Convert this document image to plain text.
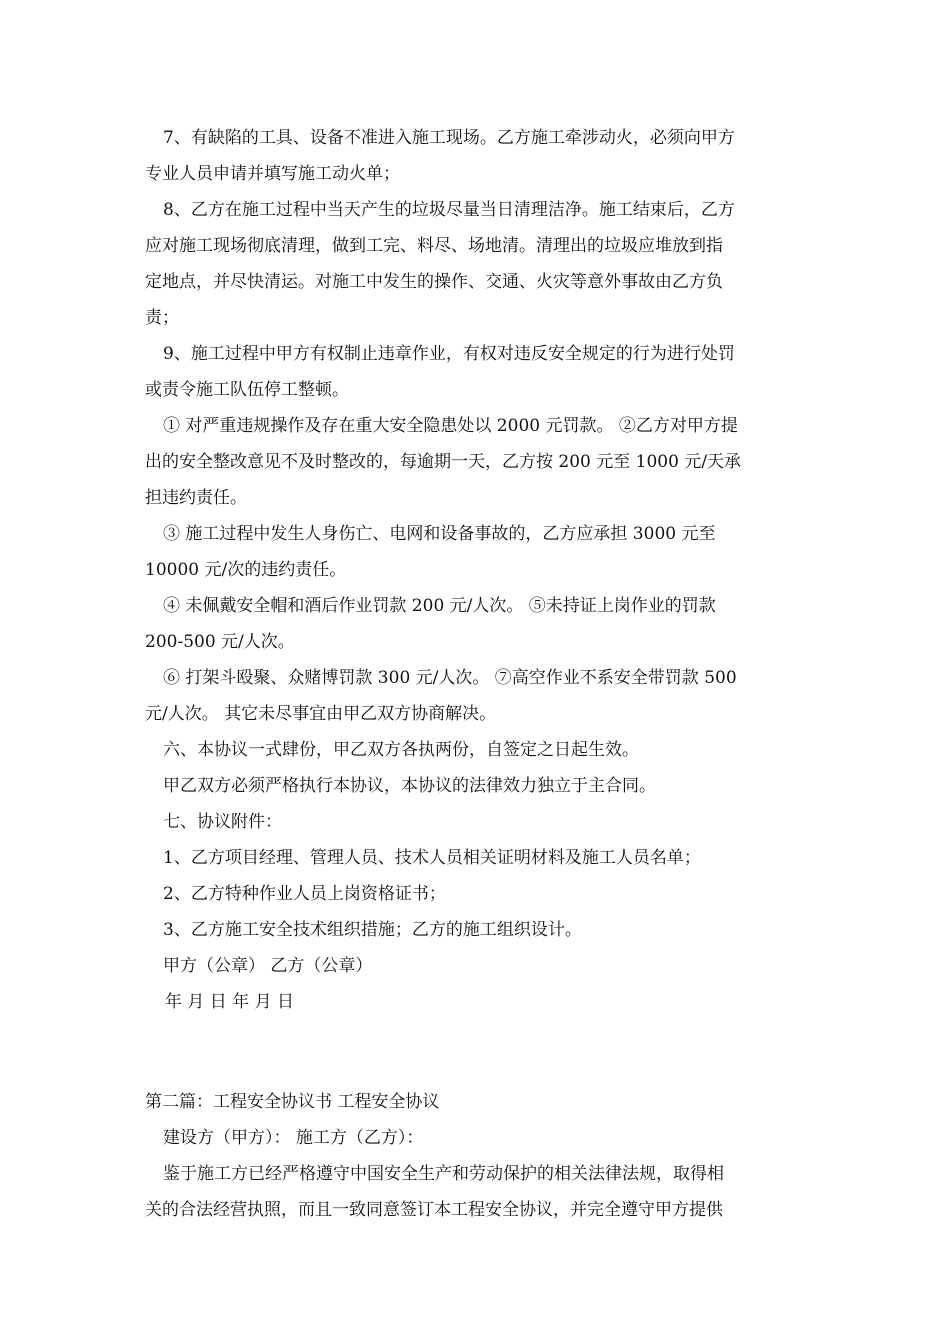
7、有缺陷的工具、设备不准进入施工现场。乙方施工牵涉动火，必须向甲方
专业人员申请并填写施工动火单；
8、乙方在施工过程中当天产生的垃圾尽量当日清理洁净。施工结束后，乙方
应对施工现场彻底清理，做到工完、料尽、场地清。清理出的垃圾应堆放到指
定地点，并尽快清运。对施工中发生的操作、交通、火灾等意外事故由乙方负
责；
9、施工过程中甲方有权制止违章作业，有权对违反安全规定的行为进行处罚
或责令施工队伍停工整顿。
① 对严重违规操作及存在重大安全隐患处以 2000 元罚款。 ②乙方对甲方提
出的安全整改意见不及时整改的，每逾期一天，乙方按 200 元至 1000 元/天承
担违约责任。
③ 施工过程中发生人身伤亡、电网和设备事故的，乙方应承担 3000 元至
10000 元/次的违约责任。
④ 未佩戴安全帽和酒后作业罚款 200 元/人次。 ⑤未持证上岗作业的罚款
200-500 元/人次。
⑥ 打架斗殴聚、众赌博罚款 300 元/人次。 ⑦高空作业不系安全带罚款 500
元/人次。 其它未尽事宜由甲乙双方协商解决。
六、本协议一式肆份，甲乙双方各执两份，自签定之日起生效。
甲乙双方必须严格执行本协议，本协议的法律效力独立于主合同。
七、协议附件：
1、乙方项目经理、管理人员、技术人员相关证明材料及施工人员名单；
2、乙方特种作业人员上岗资格证书；
3、乙方施工安全技术组织措施；乙方的施工组织设计。
甲方（公章） 乙方（公章）
年 月 日 年 月 日
第二篇：工程安全协议书 工程安全协议
建设方（甲方）： 施工方（乙方）：
鉴于施工方已经严格遵守中国安全生产和劳动保护的相关法律法规，取得相
关的合法经营执照，而且一致同意签订本工程安全协议，并完全遵守甲方提供
